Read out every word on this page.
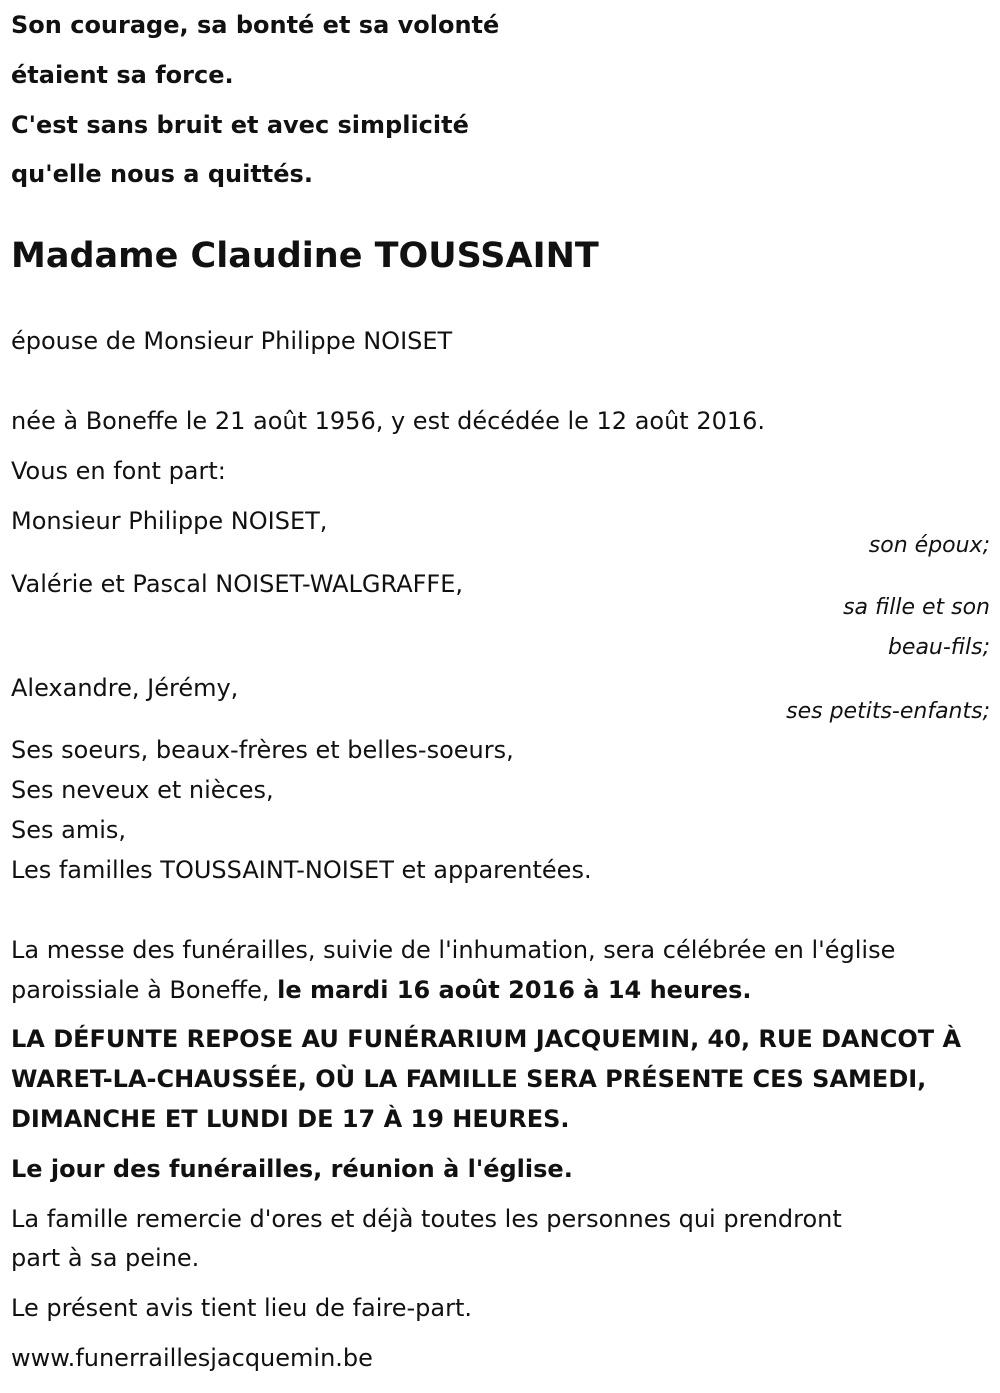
Son courage, sa bonté et sa volonté

étaient sa force.

C'est sans bruit et avec simplicité

qu'elle nous a quittés.

Madame Claudine TOUSSAINT

épouse de Monsieur Philippe NOISET

née à Boneffe le 21 août 1956, y est décédée le 12 août 2016.

Vous en font part:

Monsieur Philippe NOISET,

son époux;

Valérie et Pascal NOISET-WALGRAFFE,

sa fille et son

beau-fils;

Alexandre, Jérémy,

ses petits-enfants;

Ses soeurs, beaux-frères et belles-soeurs,

Ses neveux et nièces,

Ses amis,

Les familles TOUSSAINT-NOISET et apparentées.

La messe des funérailles, suivie de l'inhumation, sera célébrée en l'église

paroissiale à Boneffe, le mardi 16 août 2016 à 14 heures.

LA DÉFUNTE REPOSE AU FUNÉRARIUM JACQUEMIN, 40, RUE DANCOT À

WARET-LA-CHAUSSÉE, OÙ LA FAMILLE SERA PRÉSENTE CES SAMEDI,

DIMANCHE ET LUNDI DE 17 À 19 HEURES.

Le jour des funérailles, réunion à l'église.

La famille remercie d'ores et déjà toutes les personnes qui prendront

part à sa peine.

Le présent avis tient lieu de faire-part.

www.funerraillesjacquemin.be
